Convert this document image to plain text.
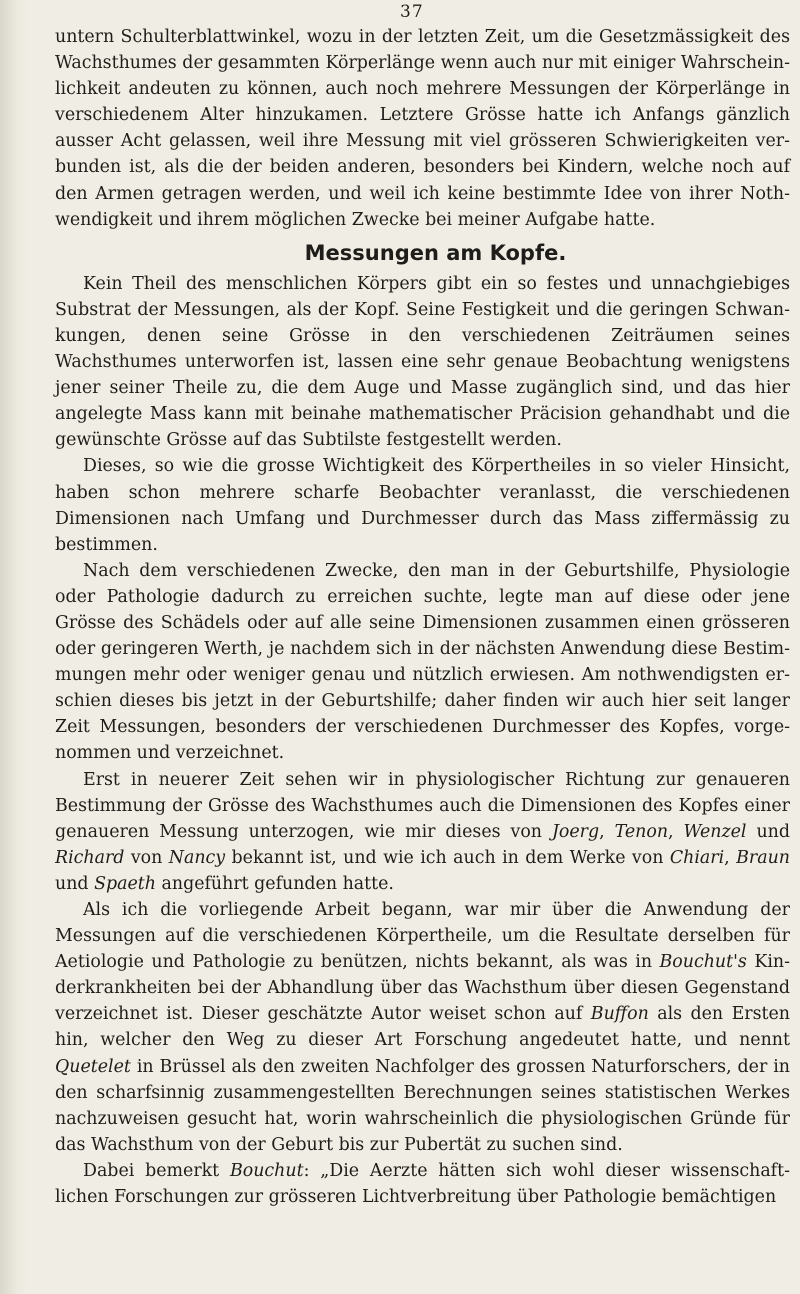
37

untern Schulterblattwinkel, wozu in der letzten Zeit, um die Gesetzmässigkeit des Wachsthumes der gesammten Körperlänge wenn auch nur mit einiger Wahrscheinlichkeit andeuten zu können, auch noch mehrere Messungen der Körperlänge in verschiedenem Alter hinzukamen. Letztere Grösse hatte ich Anfangs gänzlich ausser Acht gelassen, weil ihre Messung mit viel grösseren Schwierigkeiten verbunden ist, als die der beiden anderen, besonders bei Kindern, welche noch auf den Armen getragen werden, und weil ich keine bestimmte Idee von ihrer Nothwendigkeit und ihrem möglichen Zwecke bei meiner Aufgabe hatte.

Messungen am Kopfe.

Kein Theil des menschlichen Körpers gibt ein so festes und unnachgiebiges Substrat der Messungen, als der Kopf. Seine Festigkeit und die geringen Schwankungen, denen seine Grösse in den verschiedenen Zeiträumen seines Wachsthumes unterworfen ist, lassen eine sehr genaue Beobachtung wenigstens jener seiner Theile zu, die dem Auge und Masse zugänglich sind, und das hier angelegte Mass kann mit beinahe mathematischer Präcision gehandhabt und die gewünschte Grösse auf das Subtilste festgestellt werden.

Dieses, so wie die grosse Wichtigkeit des Körpertheiles in so vieler Hinsicht, haben schon mehrere scharfe Beobachter veranlasst, die verschiedenen Dimensionen nach Umfang und Durchmesser durch das Mass ziffermässig zu bestimmen.

Nach dem verschiedenen Zwecke, den man in der Geburtshilfe, Physiologie oder Pathologie dadurch zu erreichen suchte, legte man auf diese oder jene Grösse des Schädels oder auf alle seine Dimensionen zusammen einen grösseren oder geringeren Werth, je nachdem sich in der nächsten Anwendung diese Bestimmungen mehr oder weniger genau und nützlich erwiesen. Am nothwendigsten erschien dieses bis jetzt in der Geburtshilfe; daher finden wir auch hier seit langer Zeit Messungen, besonders der verschiedenen Durchmesser des Kopfes, vorgenommen und verzeichnet.

Erst in neuerer Zeit sehen wir in physiologischer Richtung zur genaueren Bestimmung der Grösse des Wachsthumes auch die Dimensionen des Kopfes einer genaueren Messung unterzogen, wie mir dieses von Joerg, Tenon, Wenzel und Richard von Nancy bekannt ist, und wie ich auch in dem Werke von Chiari, Braun und Spaeth angeführt gefunden hatte.

Als ich die vorliegende Arbeit begann, war mir über die Anwendung der Messungen auf die verschiedenen Körpertheile, um die Resultate derselben für Aetiologie und Pathologie zu benützen, nichts bekannt, als was in Bouchut's Kinderkrankheiten bei der Abhandlung über das Wachsthum über diesen Gegenstand verzeichnet ist. Dieser geschätzte Autor weiset schon auf Buffon als den Ersten hin, welcher den Weg zu dieser Art Forschung angedeutet hatte, und nennt Quetelet in Brüssel als den zweiten Nachfolger des grossen Naturforschers, der in den scharfsinnig zusammengestellten Berechnungen seines statistischen Werkes nachzuweisen gesucht hat, worin wahrscheinlich die physiologischen Gründe für das Wachsthum von der Geburt bis zur Pubertät zu suchen sind.

Dabei bemerkt Bouchut: „Die Aerzte hätten sich wohl dieser wissenschaftlichen Forschungen zur grösseren Lichtverbreitung über Pathologie bemächtigen
